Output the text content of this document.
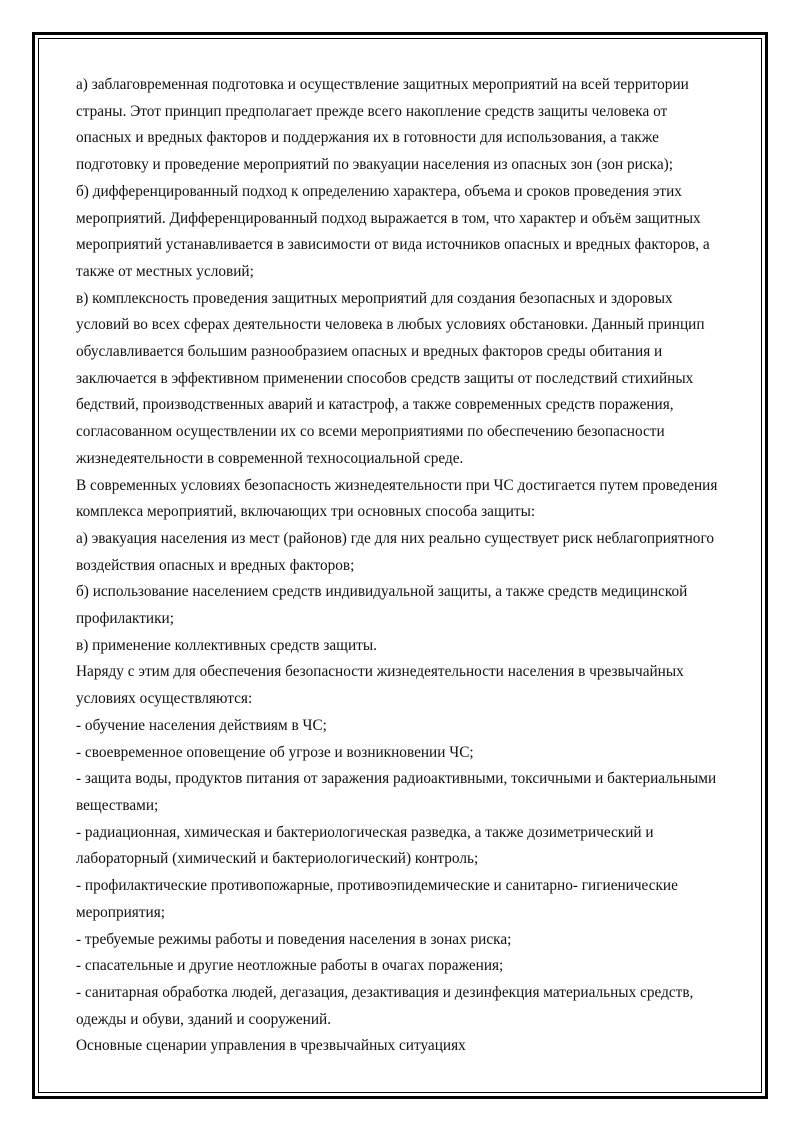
а) заблаговременная подготовка и осуществление защитных мероприятий на всей территории страны. Этот принцип предполагает прежде всего накопление средств защиты человека от опасных и вредных факторов и поддержания их в готовности для использования, а также подготовку и проведение мероприятий по эвакуации населения из опасных зон (зон риска);

б) дифференцированный подход к определению характера, объема и сроков проведения этих мероприятий. Дифференцированный подход выражается в том, что характер и объём защитных мероприятий устанавливается в зависимости от вида источников опасных и вредных факторов, а также от местных условий;

в) комплексность проведения защитных мероприятий для создания безопасных и здоровых условий во всех сферах деятельности человека в любых условиях обстановки. Данный принцип обуславливается большим разнообразием опасных и вредных факторов среды обитания и заключается в эффективном применении способов средств защиты от последствий стихийных бедствий, производственных аварий и катастроф, а также современных средств поражения, согласованном осуществлении их со всеми мероприятиями по обеспечению безопасности жизнедеятельности в современной техносоциальной среде.

В современных условиях безопасность жизнедеятельности при ЧС достигается путем проведения комплекса мероприятий, включающих три основных способа защиты:

а) эвакуация населения из мест (районов) где для них реально существует риск неблагоприятного воздействия опасных и вредных факторов;

б) использование населением средств индивидуальной защиты, а также средств медицинской профилактики;

в) применение коллективных средств защиты.

Наряду с этим для обеспечения безопасности жизнедеятельности населения в чрезвычайных условиях осуществляются:

- обучение населения действиям в ЧС;

- своевременное оповещение об угрозе и возникновении ЧС;

- защита воды, продуктов питания от заражения радиоактивными, токсичными и бактериальными веществами;

- радиационная, химическая и бактериологическая разведка, а также дозиметрический и лабораторный (химический и бактериологический) контроль;

- профилактические противопожарные, противоэпидемические и санитарно- гигиенические мероприятия;

- требуемые режимы работы и поведения населения в зонах риска;

- спасательные и другие неотложные работы в очагах поражения;

- санитарная обработка людей, дегазация, дезактивация и дезинфекция материальных средств, одежды и обуви, зданий и сооружений.

Основные сценарии управления в чрезвычайных ситуациях
